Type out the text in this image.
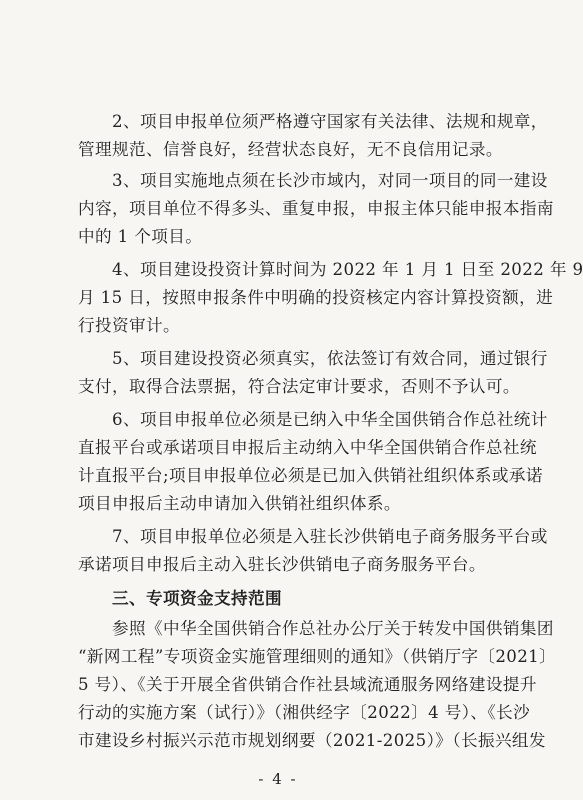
2、项目申报单位须严格遵守国家有关法律、法规和规章，
管理规范、信誉良好，经营状态良好，无不良信用记录。
3、项目实施地点须在长沙市域内，对同一项目的同一建设
内容，项目单位不得多头、重复申报，申报主体只能申报本指南
中的 1 个项目。
4、项目建设投资计算时间为 2022 年 1 月 1 日至 2022 年 9
月 15 日，按照申报条件中明确的投资核定内容计算投资额，进
行投资审计。
5、项目建设投资必须真实，依法签订有效合同，通过银行
支付，取得合法票据，符合法定审计要求，否则不予认可。
6、项目申报单位必须是已纳入中华全国供销合作总社统计
直报平台或承诺项目申报后主动纳入中华全国供销合作总社统
计直报平台;项目申报单位必须是已加入供销社组织体系或承诺
项目申报后主动申请加入供销社组织体系。
7、项目申报单位必须是入驻长沙供销电子商务服务平台或
承诺项目申报后主动入驻长沙供销电子商务服务平台。
三、专项资金支持范围
参照《中华全国供销合作总社办公厅关于转发中国供销集团
“新网工程”专项资金实施管理细则的通知》（供销厅字〔2021〕
5 号）、《关于开展全省供销合作社县域流通服务网络建设提升
行动的实施方案（试行）》（湘供经字〔2022〕4 号）、《长沙
市建设乡村振兴示范市规划纲要（2021-2025）》（长振兴组发
- 4 -
